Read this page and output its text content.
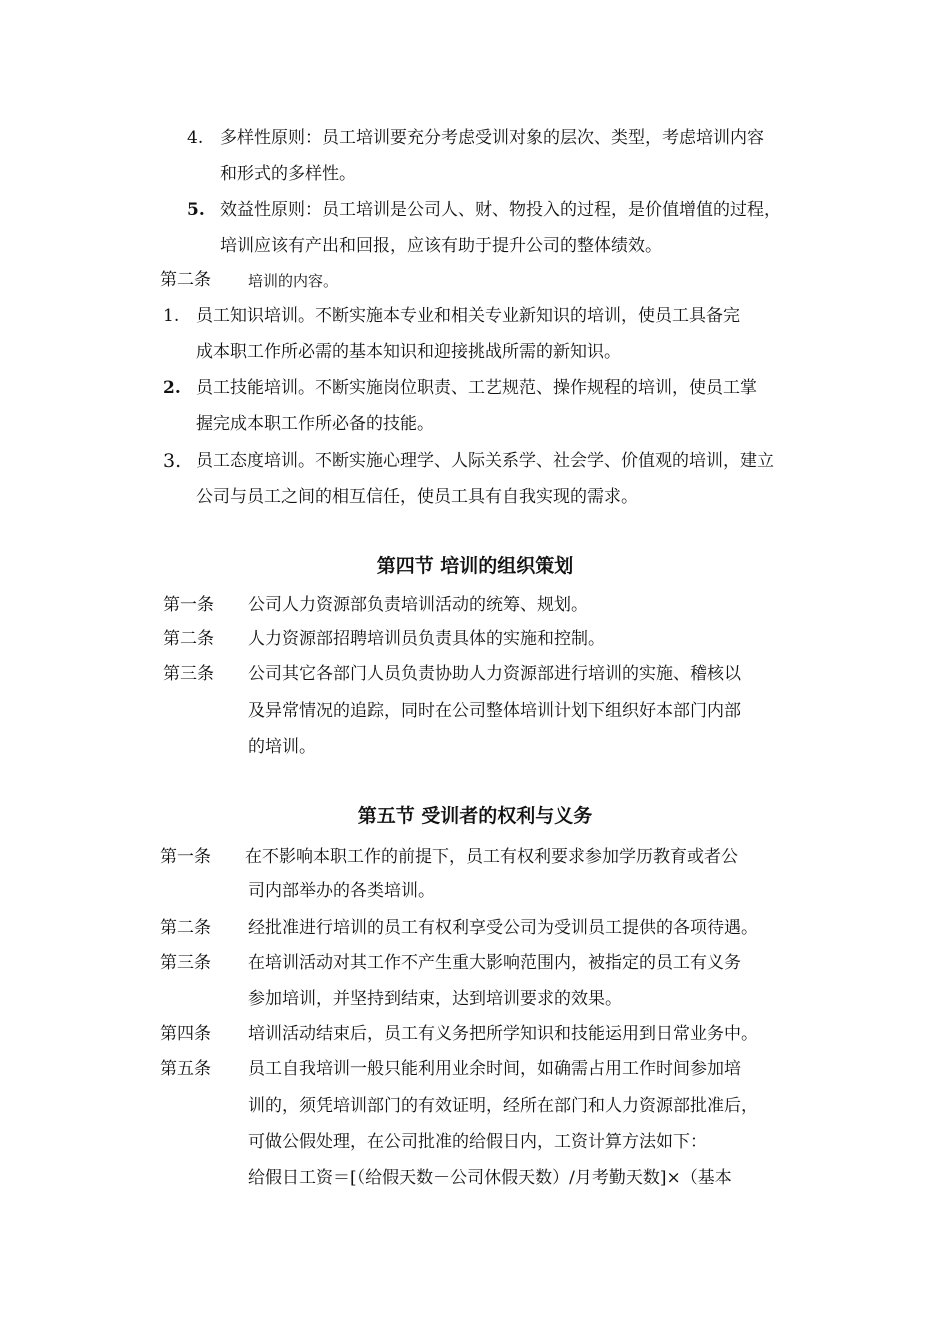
4. 多样性原则：员工培训要充分考虑受训对象的层次、类型，考虑培训内容
和形式的多样性。
5. 效益性原则：员工培训是公司人、财、物投入的过程，是价值增值的过程，
培训应该有产出和回报，应该有助于提升公司的整体绩效。
第二条 培训的内容。
1. 员工知识培训。不断实施本专业和相关专业新知识的培训，使员工具备完
成本职工作所必需的基本知识和迎接挑战所需的新知识。
2. 员工技能培训。不断实施岗位职责、工艺规范、操作规程的培训，使员工掌
握完成本职工作所必备的技能。
3. 员工态度培训。不断实施心理学、人际关系学、社会学、价值观的培训，建立
公司与员工之间的相互信任，使员工具有自我实现的需求。
第四节 培训的组织策划
第一条 公司人力资源部负责培训活动的统筹、规划。
第二条 人力资源部招聘培训员负责具体的实施和控制。
第三条 公司其它各部门人员负责协助人力资源部进行培训的实施、稽核以
及异常情况的追踪，同时在公司整体培训计划下组织好本部门内部
的培训。
第五节 受训者的权利与义务
第一条 在不影响本职工作的前提下，员工有权利要求参加学历教育或者公
司内部举办的各类培训。
第二条 经批准进行培训的员工有权利享受公司为受训员工提供的各项待遇。
第三条 在培训活动对其工作不产生重大影响范围内，被指定的员工有义务
参加培训，并坚持到结束，达到培训要求的效果。
第四条 培训活动结束后，员工有义务把所学知识和技能运用到日常业务中。
第五条 员工自我培训一般只能利用业余时间，如确需占用工作时间参加培
训的，须凭培训部门的有效证明，经所在部门和人力资源部批准后，
可做公假处理，在公司批准的给假日内，工资计算方法如下：
给假日工资＝[（给假天数－公司休假天数）/月考勤天数]×（基本
